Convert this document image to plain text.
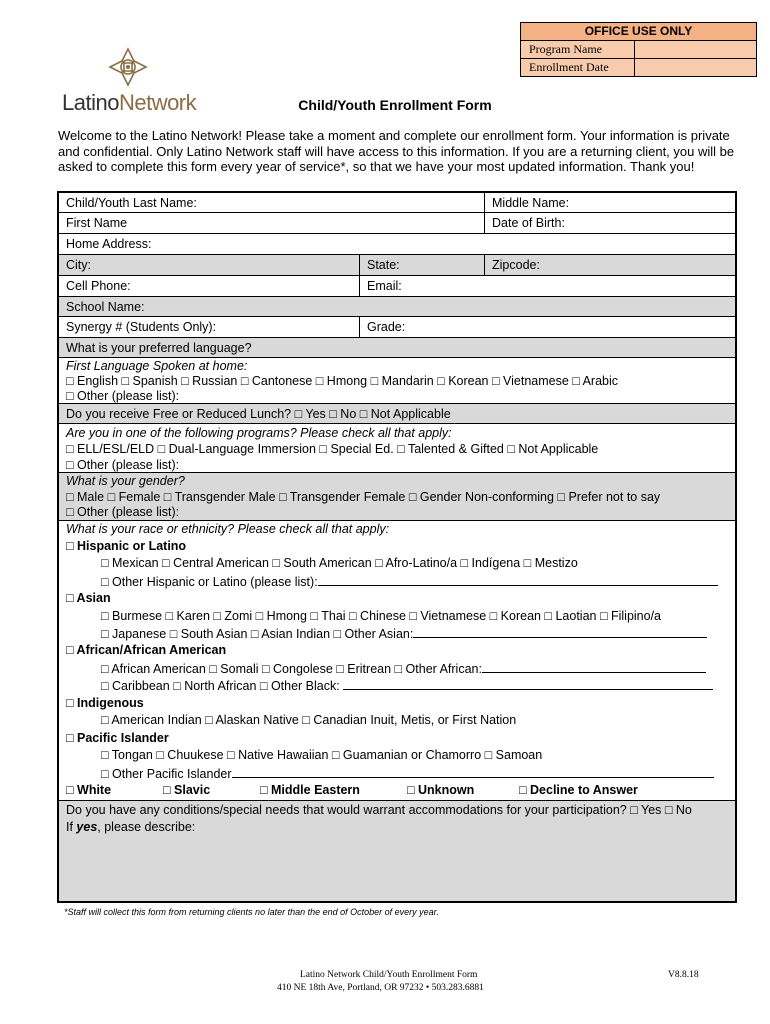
OFFICE USE ONLY
Program Name
Enrollment Date
LatinoNetwork	Child/Youth Enrollment Form
Welcome to the Latino Network! Please take a moment and complete our enrollment form. Your information is private and confidential. Only Latino Network staff will have access to this information. If you are a returning client, you will be asked to complete this form every year of service*, so that we have your most updated information. Thank you!
Child/Youth Last Name:	Middle Name:
First Name	Date of Birth:
Home Address:
City:	State:	Zipcode:
Cell Phone:	Email:
School Name:
Synergy # (Students Only):	Grade:
What is your preferred language?
First Language Spoken at home:
□ English □ Spanish □ Russian □ Cantonese □ Hmong □ Mandarin □ Korean □ Vietnamese □ Arabic
□ Other (please list):
Do you receive Free or Reduced Lunch? □ Yes □ No □ Not Applicable
Are you in one of the following programs? Please check all that apply:
□ ELL/ESL/ELD □ Dual-Language Immersion □ Special Ed. □ Talented & Gifted □ Not Applicable
□ Other (please list):
What is your gender?
□ Male □ Female □ Transgender Male □ Transgender Female □ Gender Non-conforming □ Prefer not to say
□ Other (please list):
What is your race or ethnicity? Please check all that apply:
□ Hispanic or Latino
□ Mexican □ Central American □ South American □ Afro-Latino/a □ Indígena □ Mestizo
□ Other Hispanic or Latino (please list):
□ Asian
□ Burmese □ Karen □ Zomi □ Hmong □ Thai □ Chinese □ Vietnamese □ Korean □ Laotian □ Filipino/a
□ Japanese □ South Asian □ Asian Indian □ Other Asian:
□ African/African American
□ African American □ Somali □ Congolese □ Eritrean □ Other African:
□ Caribbean □ North African □ Other Black:
□ Indigenous
□ American Indian □ Alaskan Native □ Canadian Inuit, Metis, or First Nation
□ Pacific Islander
□ Tongan □ Chuukese □ Native Hawaiian □ Guamanian or Chamorro □ Samoan
□ Other Pacific Islander
□ White	□ Slavic	□ Middle Eastern	□ Unknown	□ Decline to Answer
Do you have any conditions/special needs that would warrant accommodations for your participation? □ Yes □ No
If yes, please describe:
*Staff will collect this form from returning clients no later than the end of October of every year.
Latino Network Child/Youth Enrollment Form
410 NE 18th Ave, Portland, OR 97232 • 503.283.6881
V8.8.18
